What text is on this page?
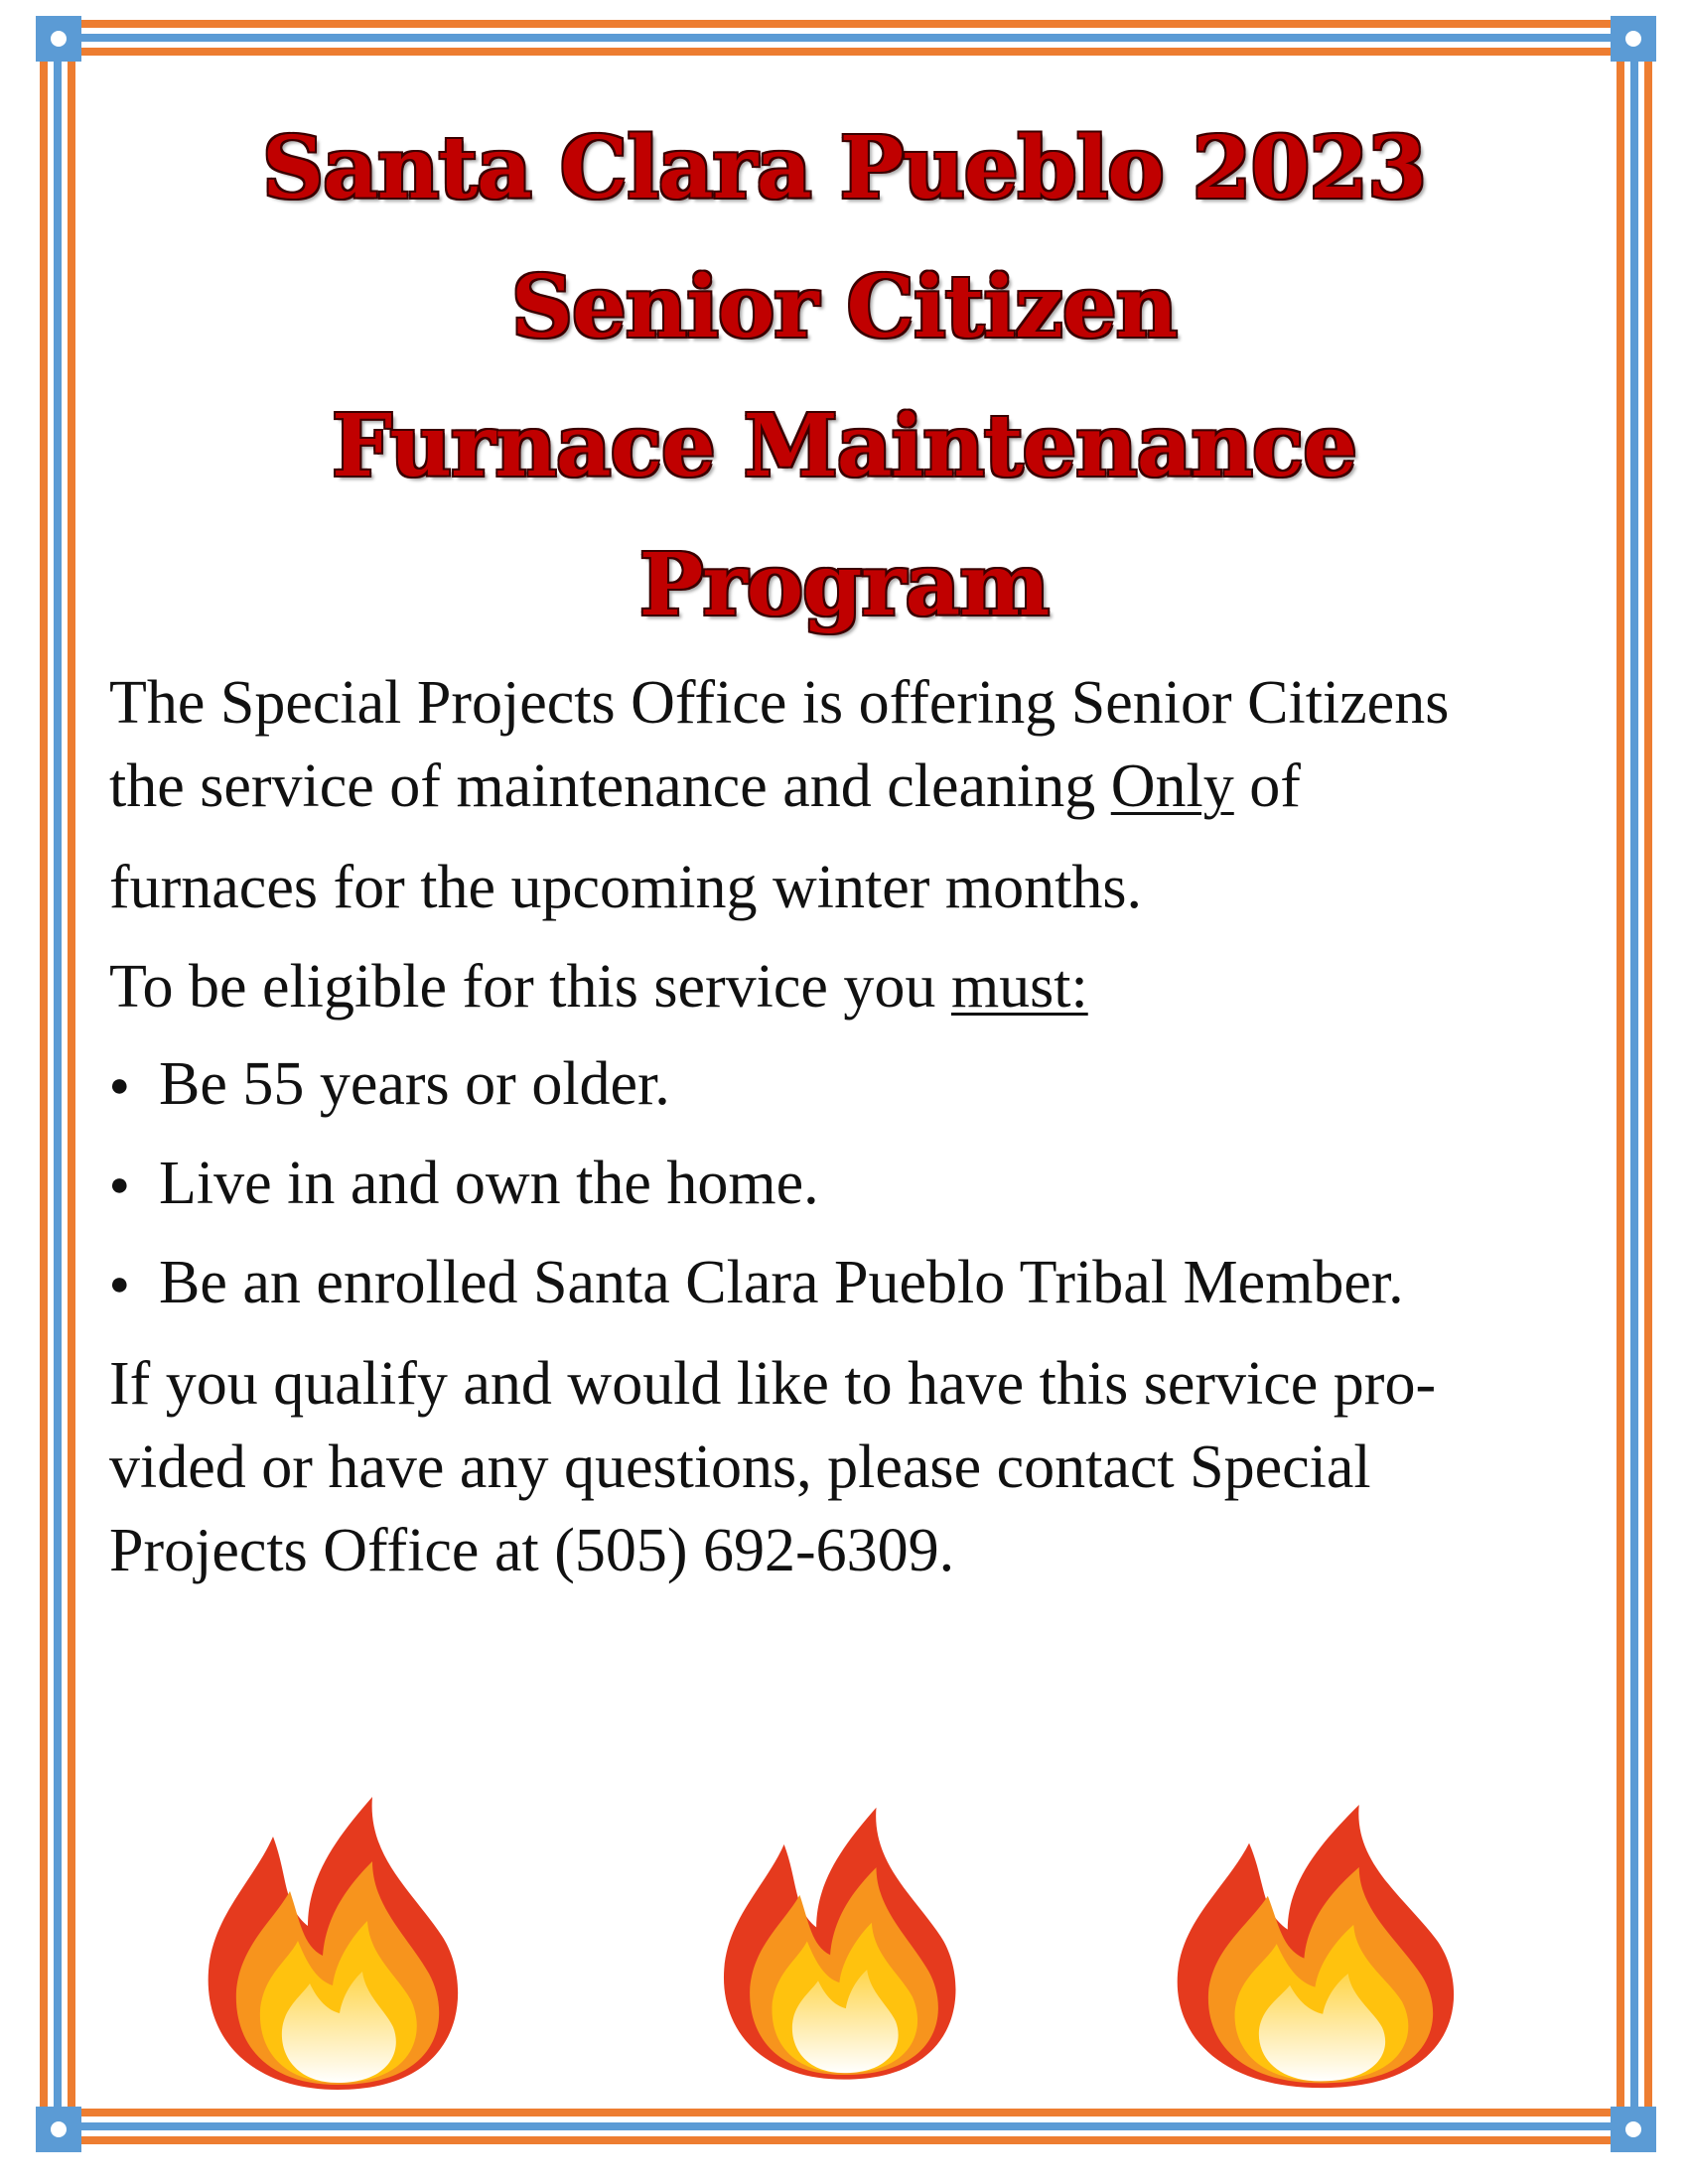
Santa Clara Pueblo 2023
Senior Citizen
Furnace Maintenance
Program
The Special Projects Office is offering Senior Citizens
the service of maintenance and cleaning Only of
furnaces for the upcoming winter months.
To be eligible for this service you must:
● Be 55 years or older.
● Live in and own the home.
● Be an enrolled Santa Clara Pueblo Tribal Member.
If you qualify and would like to have this service pro-
vided or have any questions, please contact Special
Projects Office at (505) 692-6309.
